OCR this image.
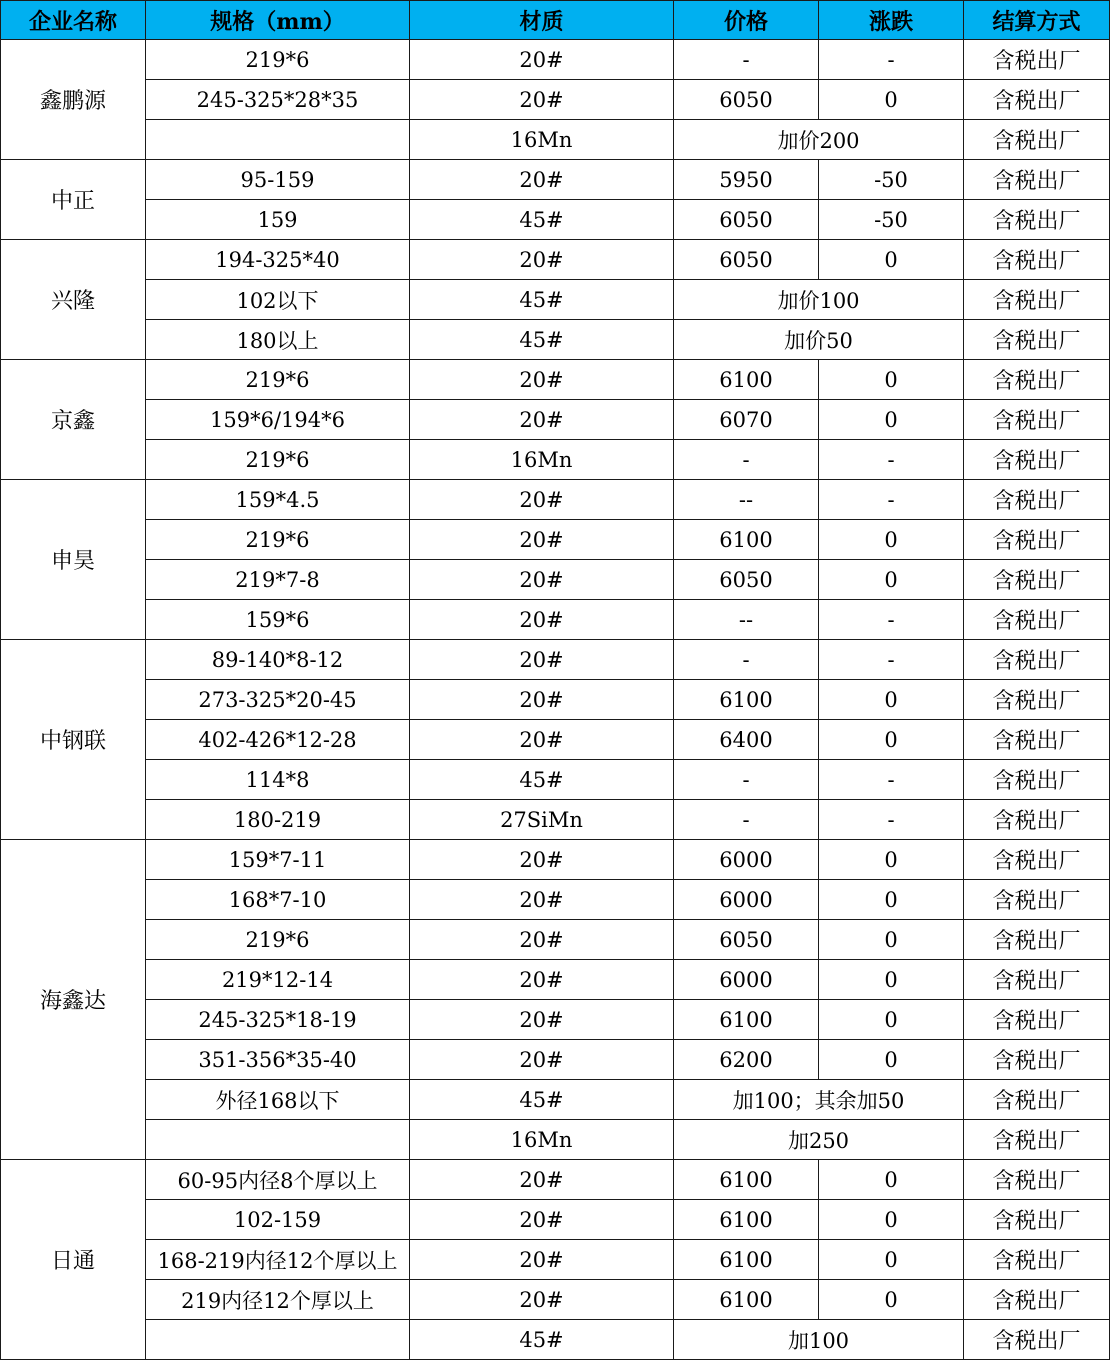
企业名称	规格（mm）	材质	价格	涨跌	结算方式
鑫鹏源	219*6	20#	-	-	含税出厂
	245-325*28*35	20#	6050	0	含税出厂
		16Mn	加价200		含税出厂
中正	95-159	20#	5950	-50	含税出厂
	159	45#	6050	-50	含税出厂
兴隆	194-325*40	20#	6050	0	含税出厂
	102以下	45#	加价100		含税出厂
	180以上	45#	加价50		含税出厂
京鑫	219*6	20#	6100	0	含税出厂
	159*6/194*6	20#	6070	0	含税出厂
	219*6	16Mn	-	-	含税出厂
申昊	159*4.5	20#	--	-	含税出厂
	219*6	20#	6100	0	含税出厂
	219*7-8	20#	6050	0	含税出厂
	159*6	20#	--	-	含税出厂
中钢联	89-140*8-12	20#	-	-	含税出厂
	273-325*20-45	20#	6100	0	含税出厂
	402-426*12-28	20#	6400	0	含税出厂
	114*8	45#	-	-	含税出厂
	180-219	27SiMn	-	-	含税出厂
海鑫达	159*7-11	20#	6000	0	含税出厂
	168*7-10	20#	6000	0	含税出厂
	219*6	20#	6050	0	含税出厂
	219*12-14	20#	6000	0	含税出厂
	245-325*18-19	20#	6100	0	含税出厂
	351-356*35-40	20#	6200	0	含税出厂
	外径168以下	45#	加100；其余加50		含税出厂
		16Mn	加250		含税出厂
日通	60-95内径8个厚以上	20#	6100	0	含税出厂
	102-159	20#	6100	0	含税出厂
	168-219内径12个厚以上	20#	6100	0	含税出厂
	219内径12个厚以上	20#	6100	0	含税出厂
		45#	加100		含税出厂
